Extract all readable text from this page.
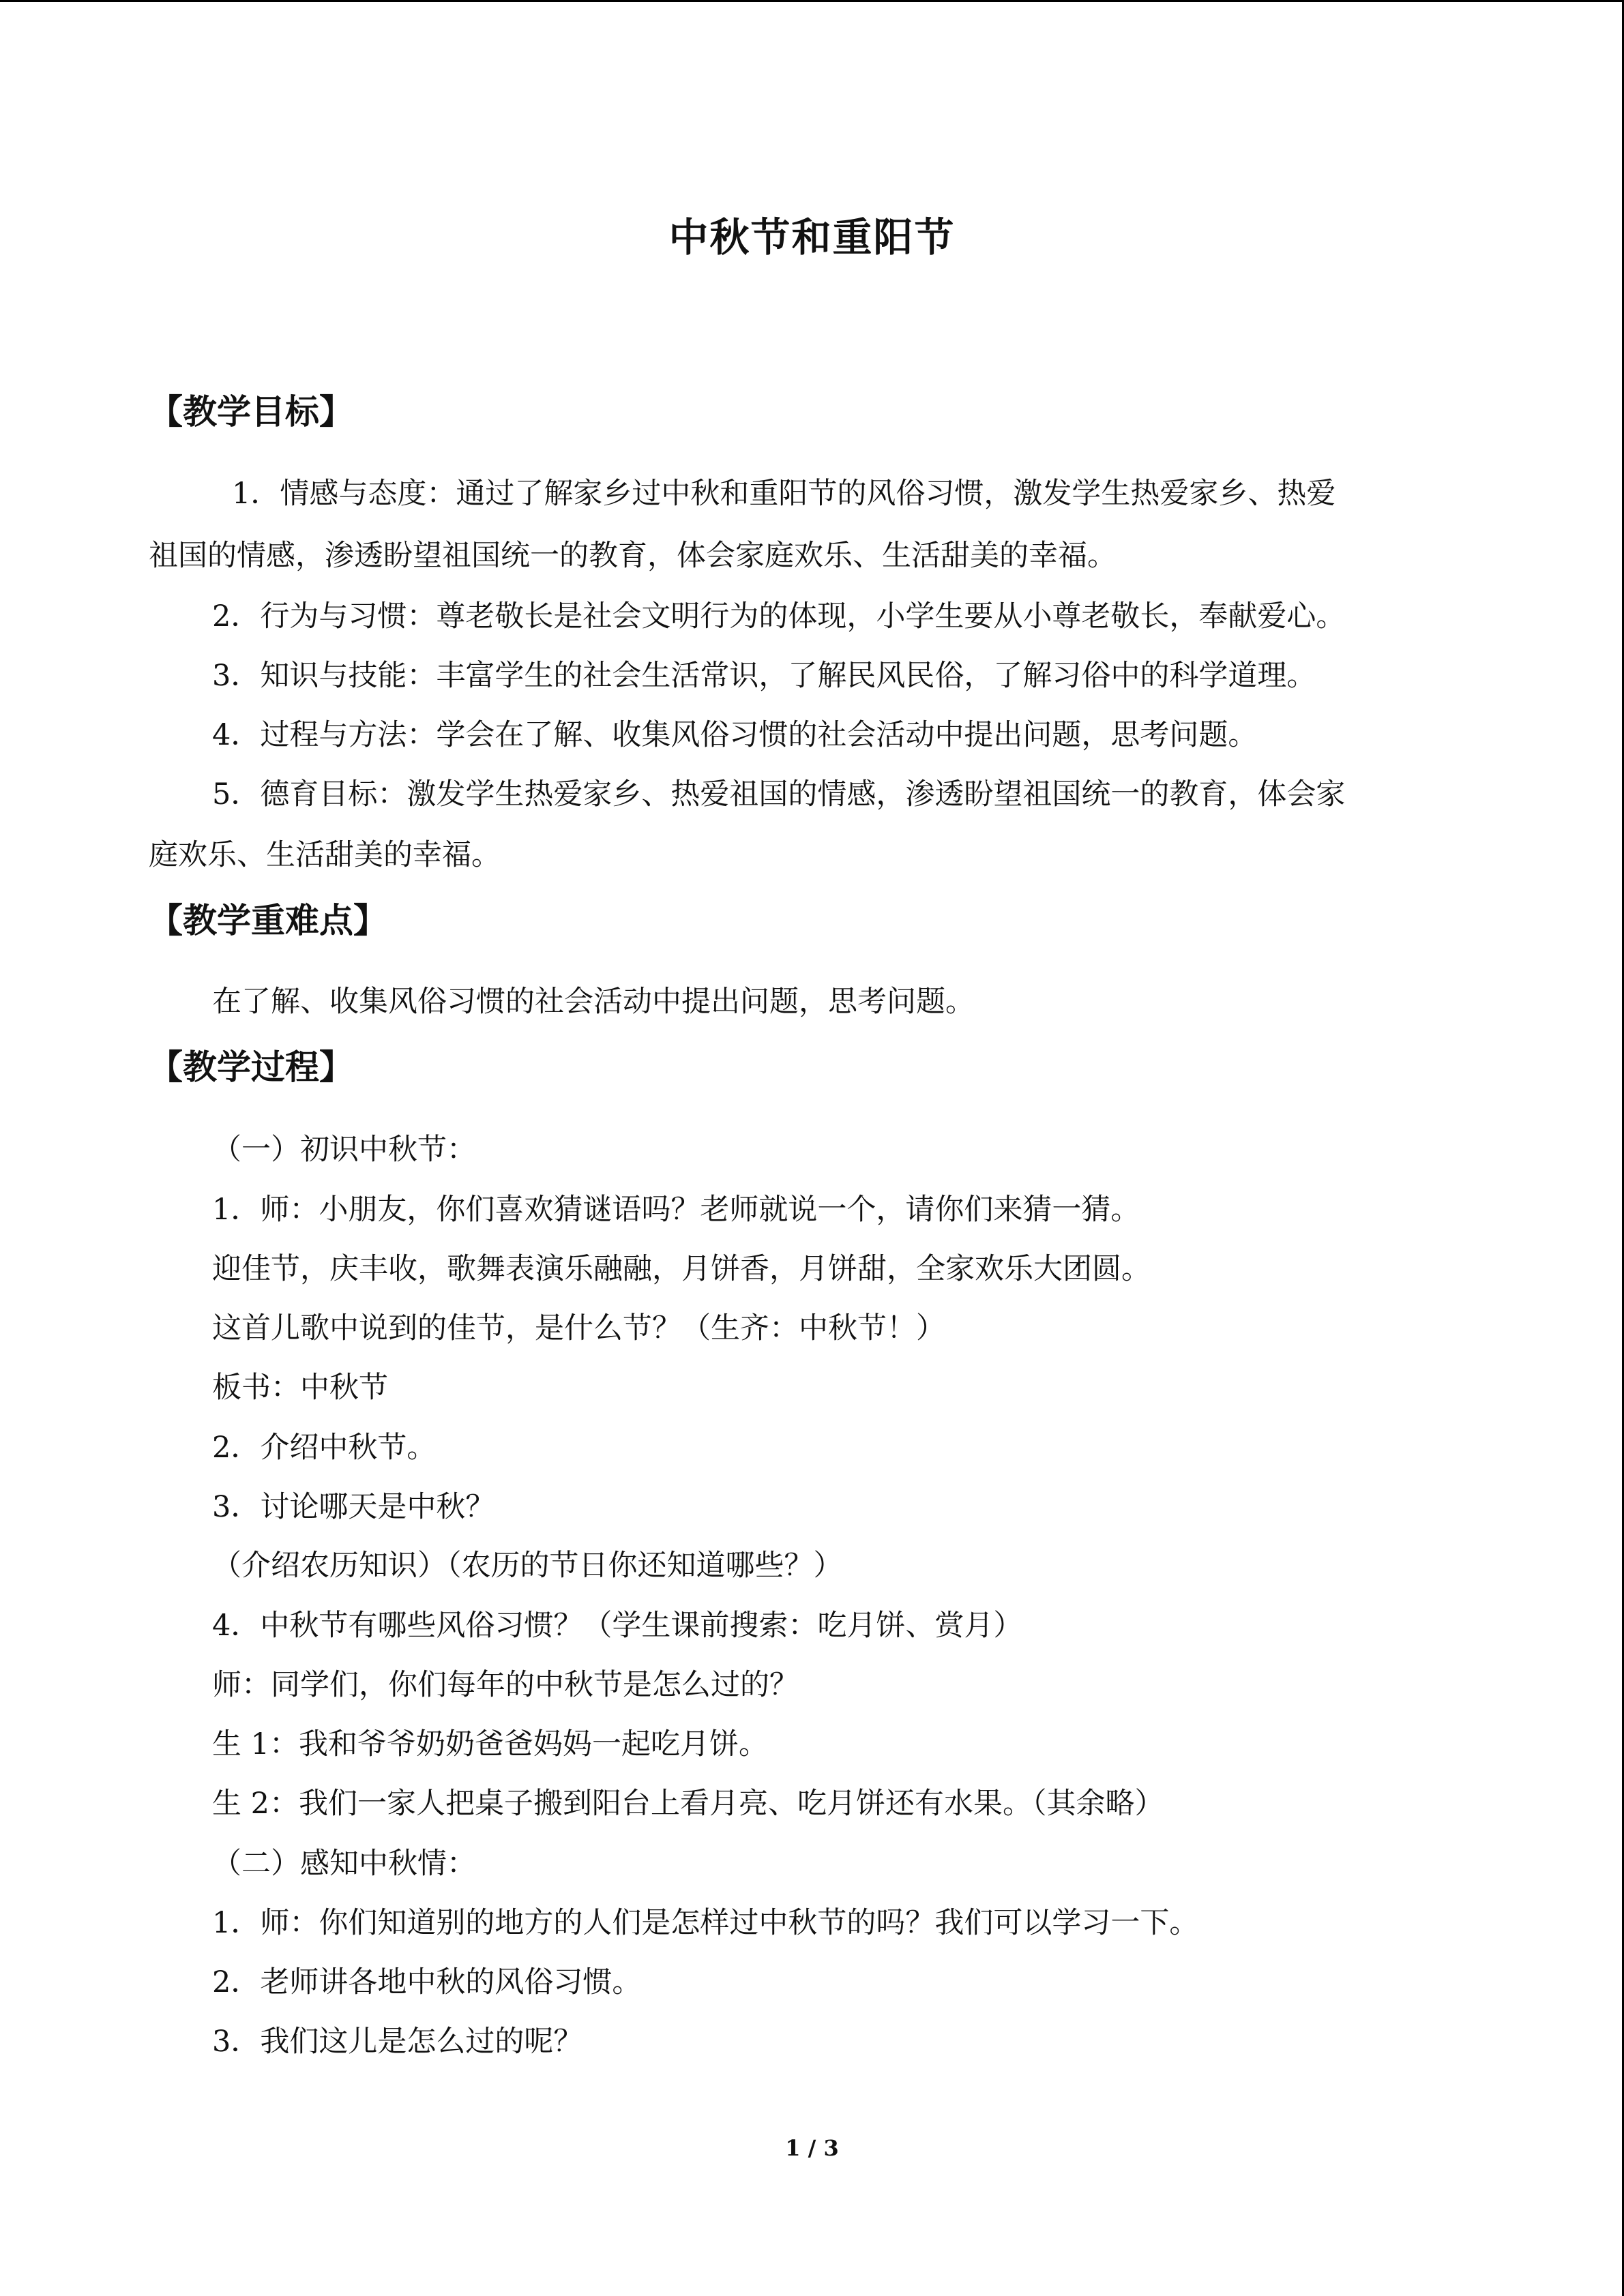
中秋节和重阳节
【教学目标】
1．情感与态度：通过了解家乡过中秋和重阳节的风俗习惯，激发学生热爱家乡、热爱
祖国的情感，渗透盼望祖国统一的教育，体会家庭欢乐、生活甜美的幸福。
2．行为与习惯：尊老敬长是社会文明行为的体现，小学生要从小尊老敬长，奉献爱心。
3．知识与技能：丰富学生的社会生活常识，了解民风民俗，了解习俗中的科学道理。
4．过程与方法：学会在了解、收集风俗习惯的社会活动中提出问题，思考问题。
5．德育目标：激发学生热爱家乡、热爱祖国的情感，渗透盼望祖国统一的教育，体会家
庭欢乐、生活甜美的幸福。
【教学重难点】
在了解、收集风俗习惯的社会活动中提出问题，思考问题。
【教学过程】
（一）初识中秋节：
1．师：小朋友，你们喜欢猜谜语吗？老师就说一个，请你们来猜一猜。
迎佳节，庆丰收，歌舞表演乐融融，月饼香，月饼甜，全家欢乐大团圆。
这首儿歌中说到的佳节，是什么节？（生齐：中秋节！）
板书：中秋节
2．介绍中秋节。
3．讨论哪天是中秋？
（介绍农历知识）（农历的节日你还知道哪些？）
4．中秋节有哪些风俗习惯？（学生课前搜索：吃月饼、赏月）
师：同学们，你们每年的中秋节是怎么过的？
生 1：我和爷爷奶奶爸爸妈妈一起吃月饼。
生 2：我们一家人把桌子搬到阳台上看月亮、吃月饼还有水果。（其余略）
（二）感知中秋情：
1．师：你们知道别的地方的人们是怎样过中秋节的吗？我们可以学习一下。
2．老师讲各地中秋的风俗习惯。
3．我们这儿是怎么过的呢？
1 / 3
